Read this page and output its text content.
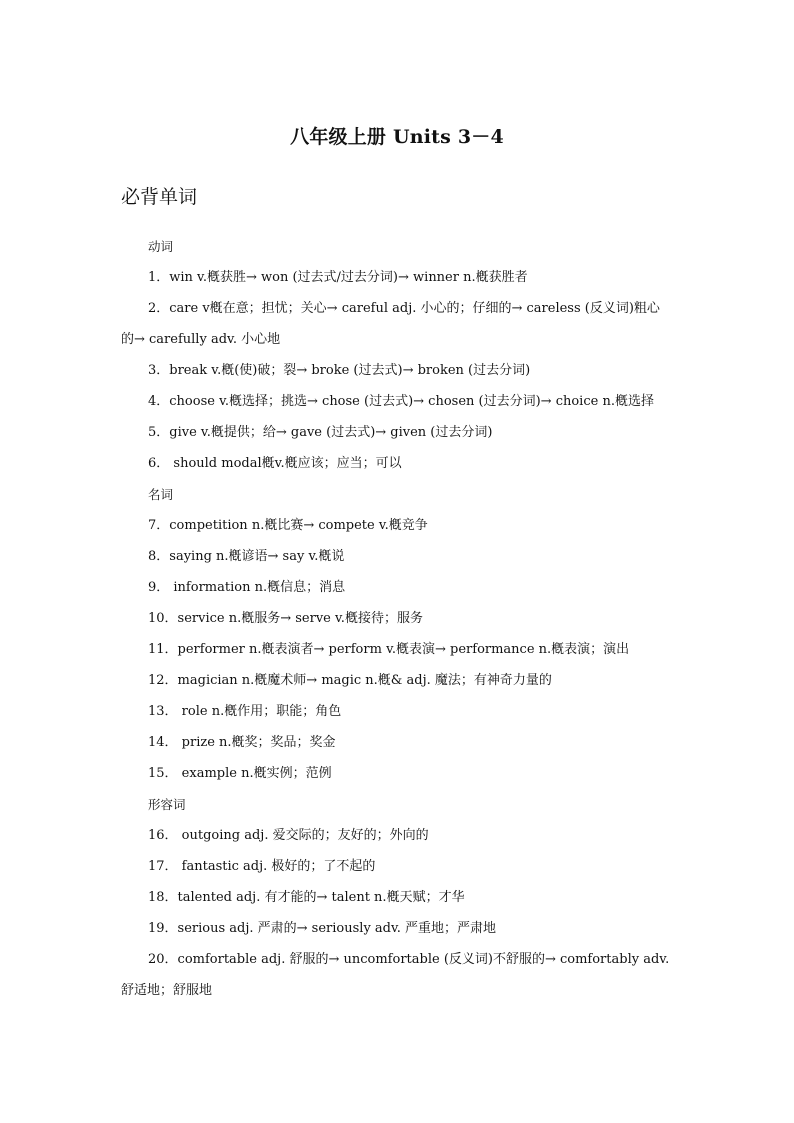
八年级上册 Units 3－4
必背单词
动词
1．win v.槪获胜→ won (过去式/过去分词)→ winner n.槪获胜者
2．care v槪在意；担忧；关心→ careful adj. 小心的；仔细的→ careless (反义词)粗心
的→ carefully adv. 小心地
3．break v.槪(使)破；裂→ broke (过去式)→ broken (过去分词)
4．choose v.槪选择；挑选→ chose (过去式)→ chosen (过去分词)→ choice n.槪选择
5．give v.槪提供；给→ gave (过去式)→ given (过去分词)
6． should modal槪v.槪应该；应当；可以
名词
7．competition n.槪比赛→ compete v.槪竞争
8．saying n.槪谚语→ say v.槪说
9． information n.槪信息；消息
10．service n.槪服务→ serve v.槪接待；服务
11．performer n.槪表演者→ perform v.槪表演→ performance n.槪表演；演出
12．magician n.槪魔术师→ magic n.槪& adj. 魔法；有神奇力量的
13． role n.槪作用；职能；角色
14． prize n.槪奖；奖品；奖金
15． example n.槪实例；范例
形容词
16． outgoing adj. 爱交际的；友好的；外向的
17． fantastic adj. 极好的；了不起的
18．talented adj. 有才能的→ talent n.槪天赋；才华
19．serious adj. 严肃的→ seriously adv. 严重地；严肃地
20．comfortable adj. 舒服的→ uncomfortable (反义词)不舒服的→ comfortably adv.
舒适地；舒服地
